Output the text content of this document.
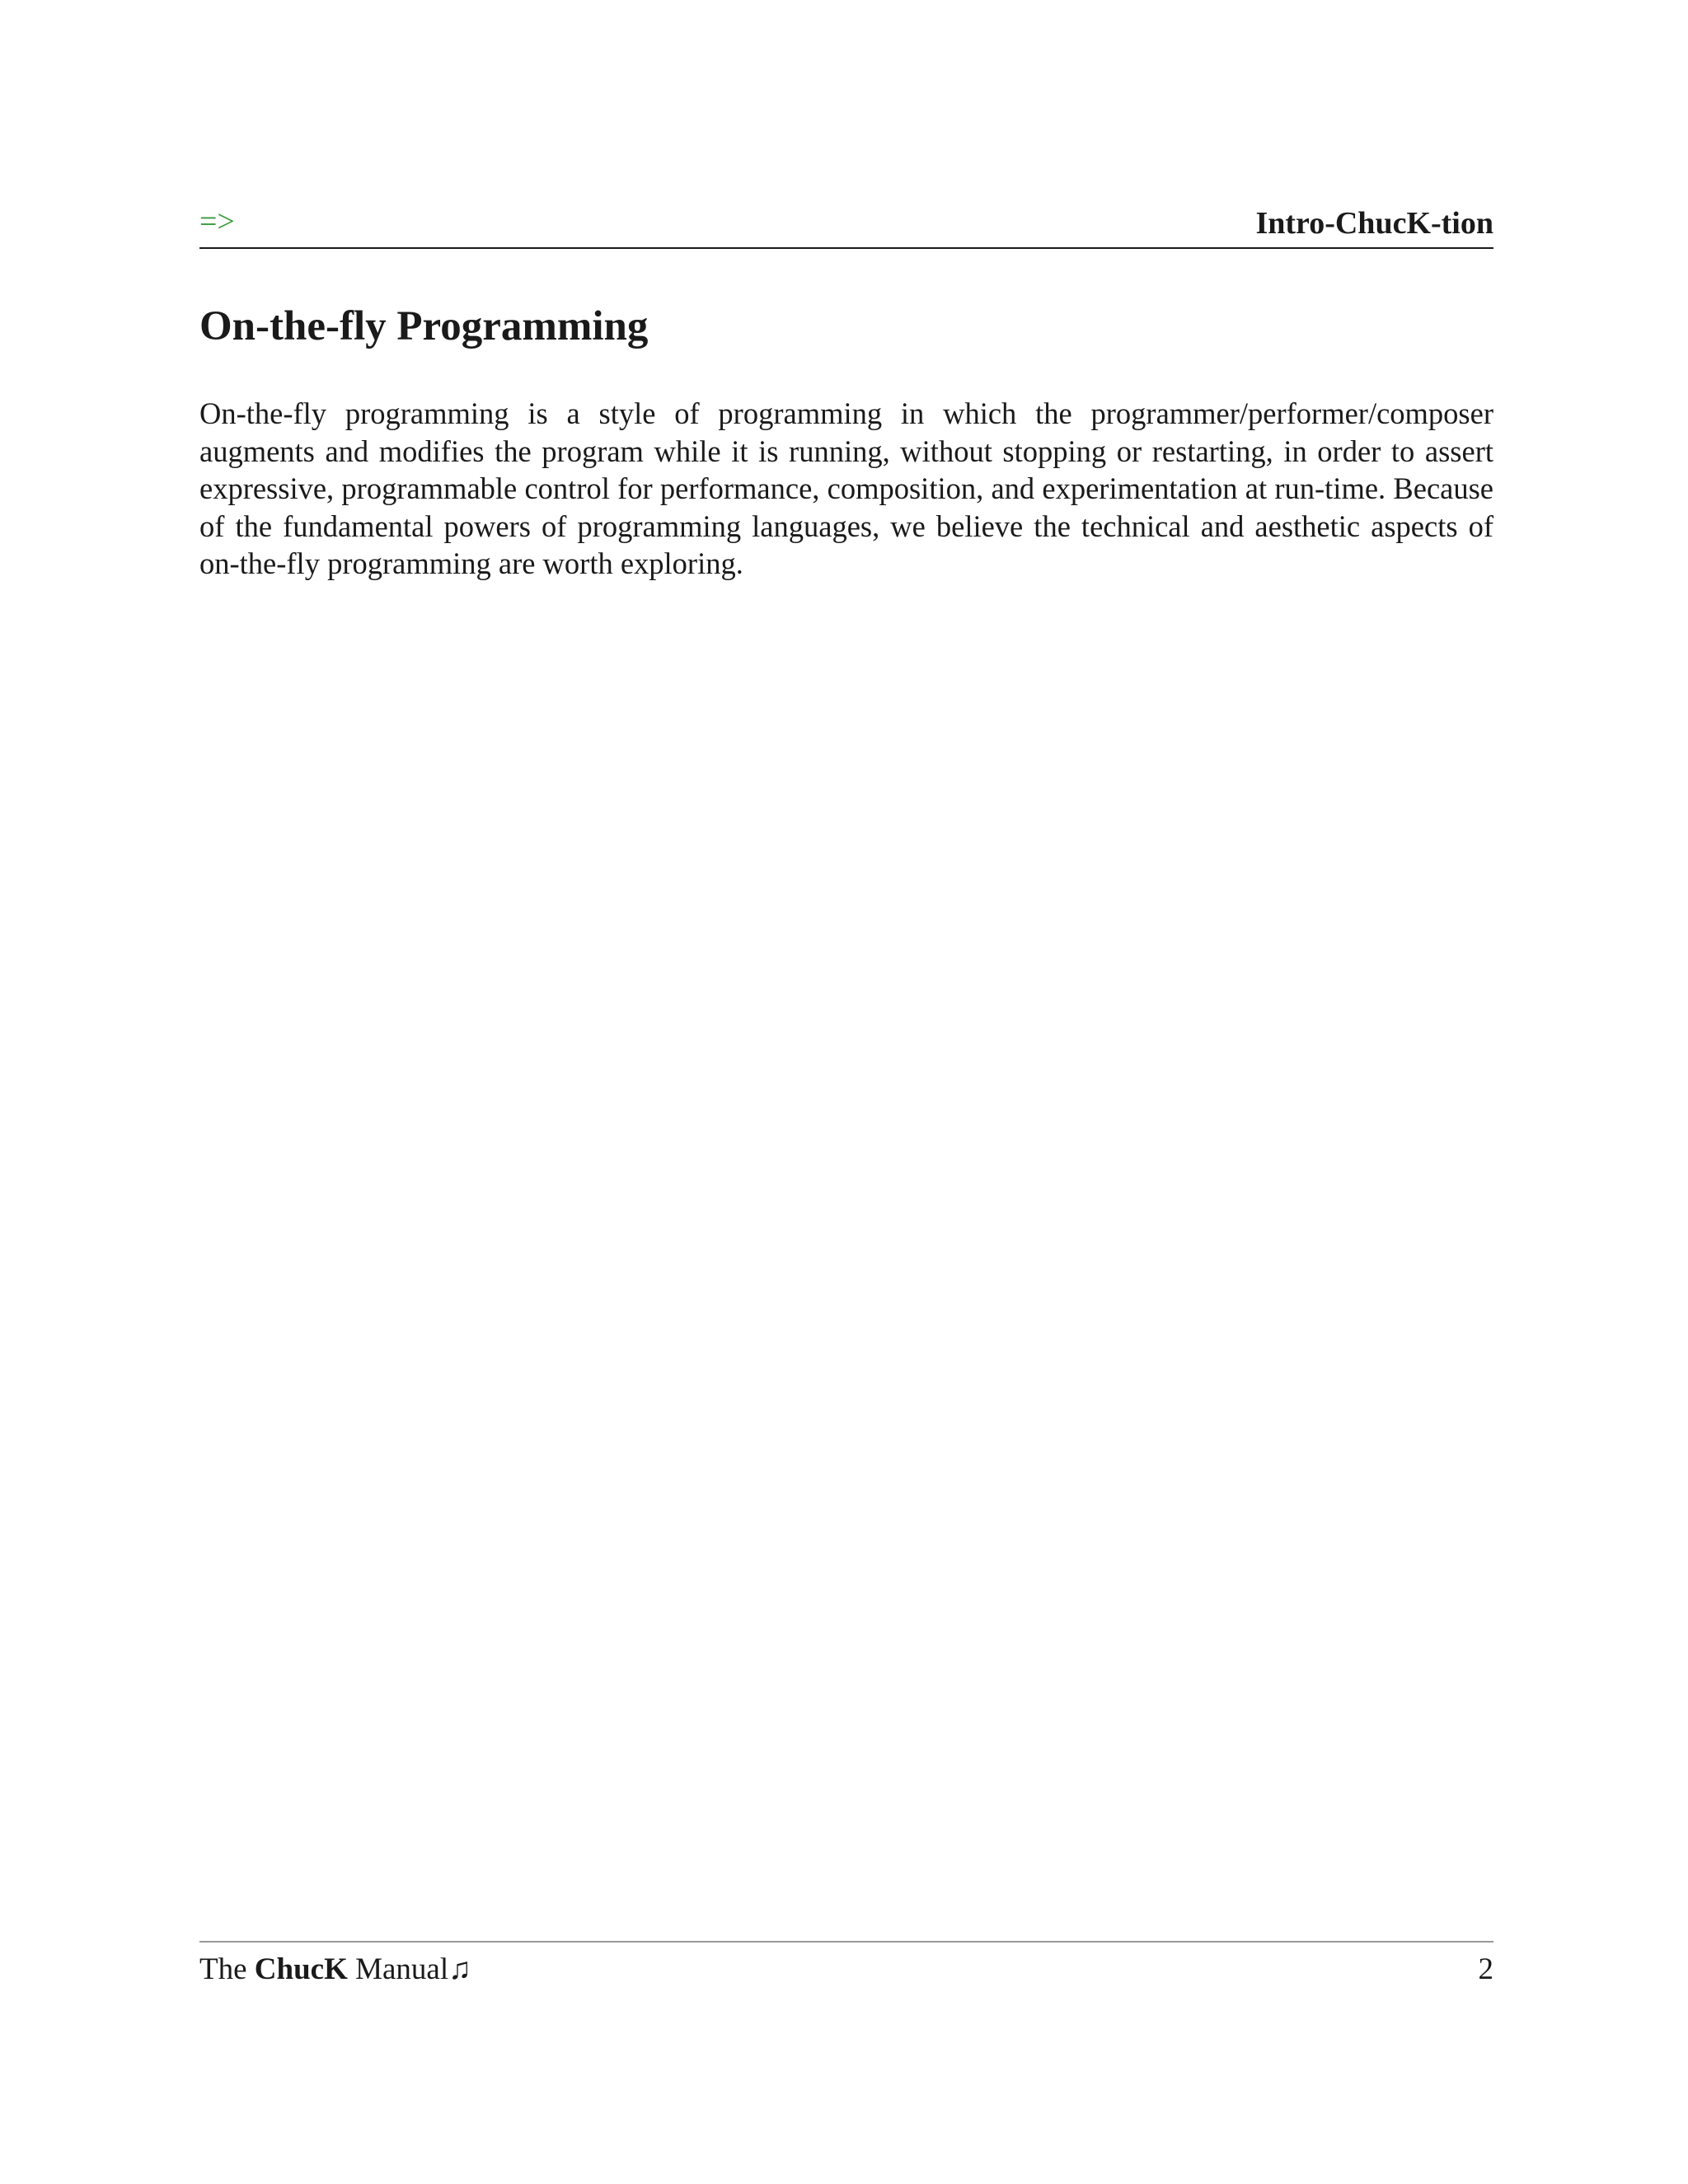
=>	Intro-ChucK-tion
On-the-fly Programming

On-the-fly programming is a style of programming in which the programmer/performer/composer augments and modifies the program while it is running, without stopping or restarting, in order to assert expressive, programmable control for performance, composition, and experimentation at run-time. Because of the fundamental powers of programming languages, we believe the technical and aesthetic aspects of on-the-fly programming are worth exploring.

The ChucK Manual♫	2
